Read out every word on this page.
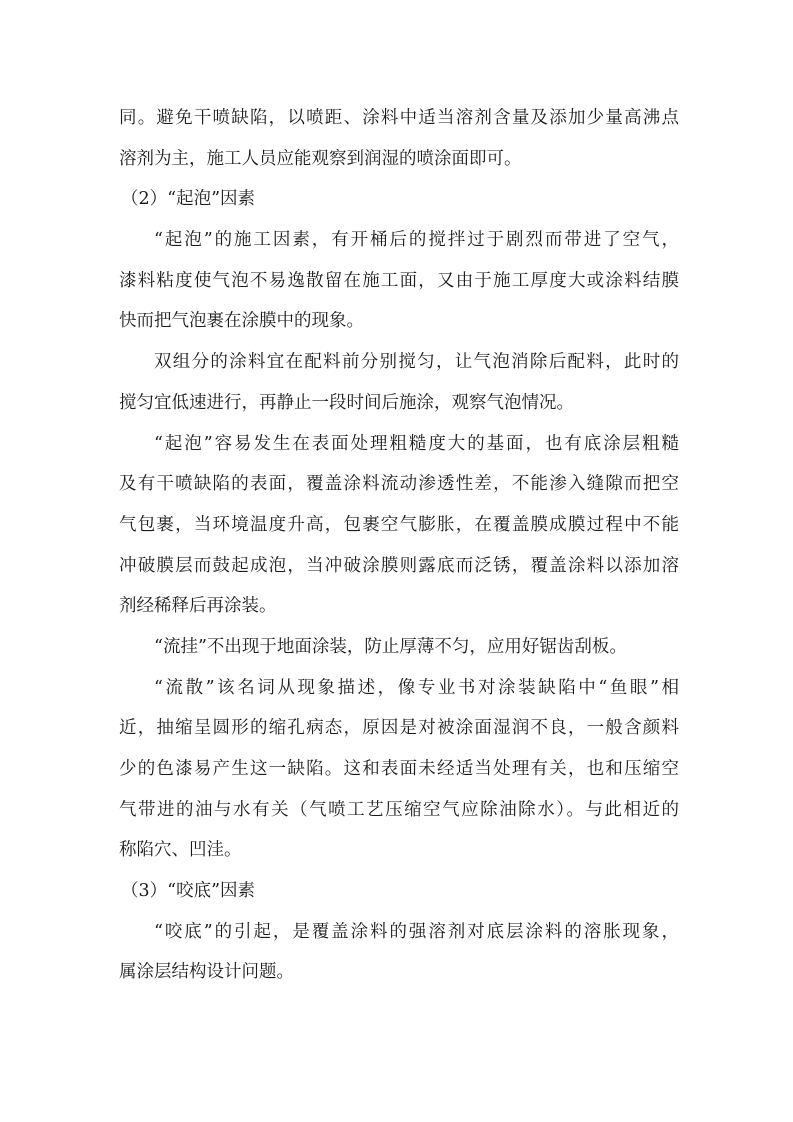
同。避免干喷缺陷，以喷距、涂料中适当溶剂含量及添加少量高沸点
溶剂为主，施工人员应能观察到润湿的喷涂面即可。
（2）“起泡”因素
“起泡”的施工因素，有开桶后的搅拌过于剧烈而带进了空气，
漆料粘度使气泡不易逸散留在施工面，又由于施工厚度大或涂料结膜
快而把气泡裹在涂膜中的现象。
双组分的涂料宜在配料前分别搅匀，让气泡消除后配料，此时的
搅匀宜低速进行，再静止一段时间后施涂，观察气泡情况。
“起泡”容易发生在表面处理粗糙度大的基面，也有底涂层粗糙
及有干喷缺陷的表面，覆盖涂料流动渗透性差，不能渗入缝隙而把空
气包裹，当环境温度升高，包裹空气膨胀，在覆盖膜成膜过程中不能
冲破膜层而鼓起成泡，当冲破涂膜则露底而泛锈，覆盖涂料以添加溶
剂经稀释后再涂装。
“流挂”不出现于地面涂装，防止厚薄不匀，应用好锯齿刮板。
“流散”该名词从现象描述，像专业书对涂装缺陷中“鱼眼”相
近，抽缩呈圆形的缩孔病态，原因是对被涂面湿润不良，一般含颜料
少的色漆易产生这一缺陷。这和表面未经适当处理有关，也和压缩空
气带进的油与水有关（气喷工艺压缩空气应除油除水）。与此相近的
称陷穴、凹洼。
（3）“咬底”因素
“咬底”的引起，是覆盖涂料的强溶剂对底层涂料的溶胀现象，
属涂层结构设计问题。
